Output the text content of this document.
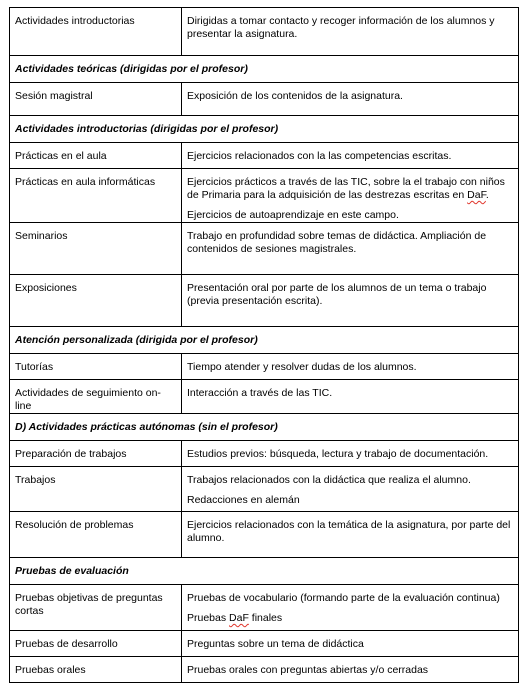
Actividades introductorias	Dirigidas a tomar contacto y recoger información de los alumnos y presentar la asignatura.

Actividades teóricas (dirigidas por el profesor)	

Sesión magistral	Exposición de los contenidos de la asignatura.

Actividades introductorias (dirigidas por el profesor)	

Prácticas en el aula	Ejercicios relacionados con la las competencias escritas.

Prácticas en aula informáticas	Ejercicios prácticos a través de las TIC, sobre la el trabajo con niños de Primaria para la adquisición de las destrezas escritas en DaF.
Ejercicios de autoaprendizaje en este campo.

Seminarios	Trabajo en profundidad sobre temas de didáctica. Ampliación de contenidos de sesiones magistrales.

Exposiciones	Presentación oral por parte de los alumnos de un tema o trabajo (previa presentación escrita).

Atención personalizada (dirigida por el profesor)	

Tutorías	Tiempo atender y resolver dudas de los alumnos.

Actividades de seguimiento on-line	Interacción a través de las TIC.

D) Actividades prácticas autónomas (sin el profesor)	

Preparación de trabajos	Estudios previos: búsqueda, lectura y trabajo de documentación.

Trabajos	Trabajos relacionados con la didáctica que realiza el alumno.
Redacciones en alemán

Resolución de problemas	Ejercicios relacionados con la temática de la asignatura, por parte del alumno.

Pruebas de evaluación	

Pruebas objetivas de preguntas cortas	Pruebas de vocabulario (formando parte de la evaluación continua)
Pruebas DaF finales

Pruebas de desarrollo	Preguntas sobre un tema de didáctica

Pruebas orales	Pruebas orales con preguntas abiertas y/o cerradas
